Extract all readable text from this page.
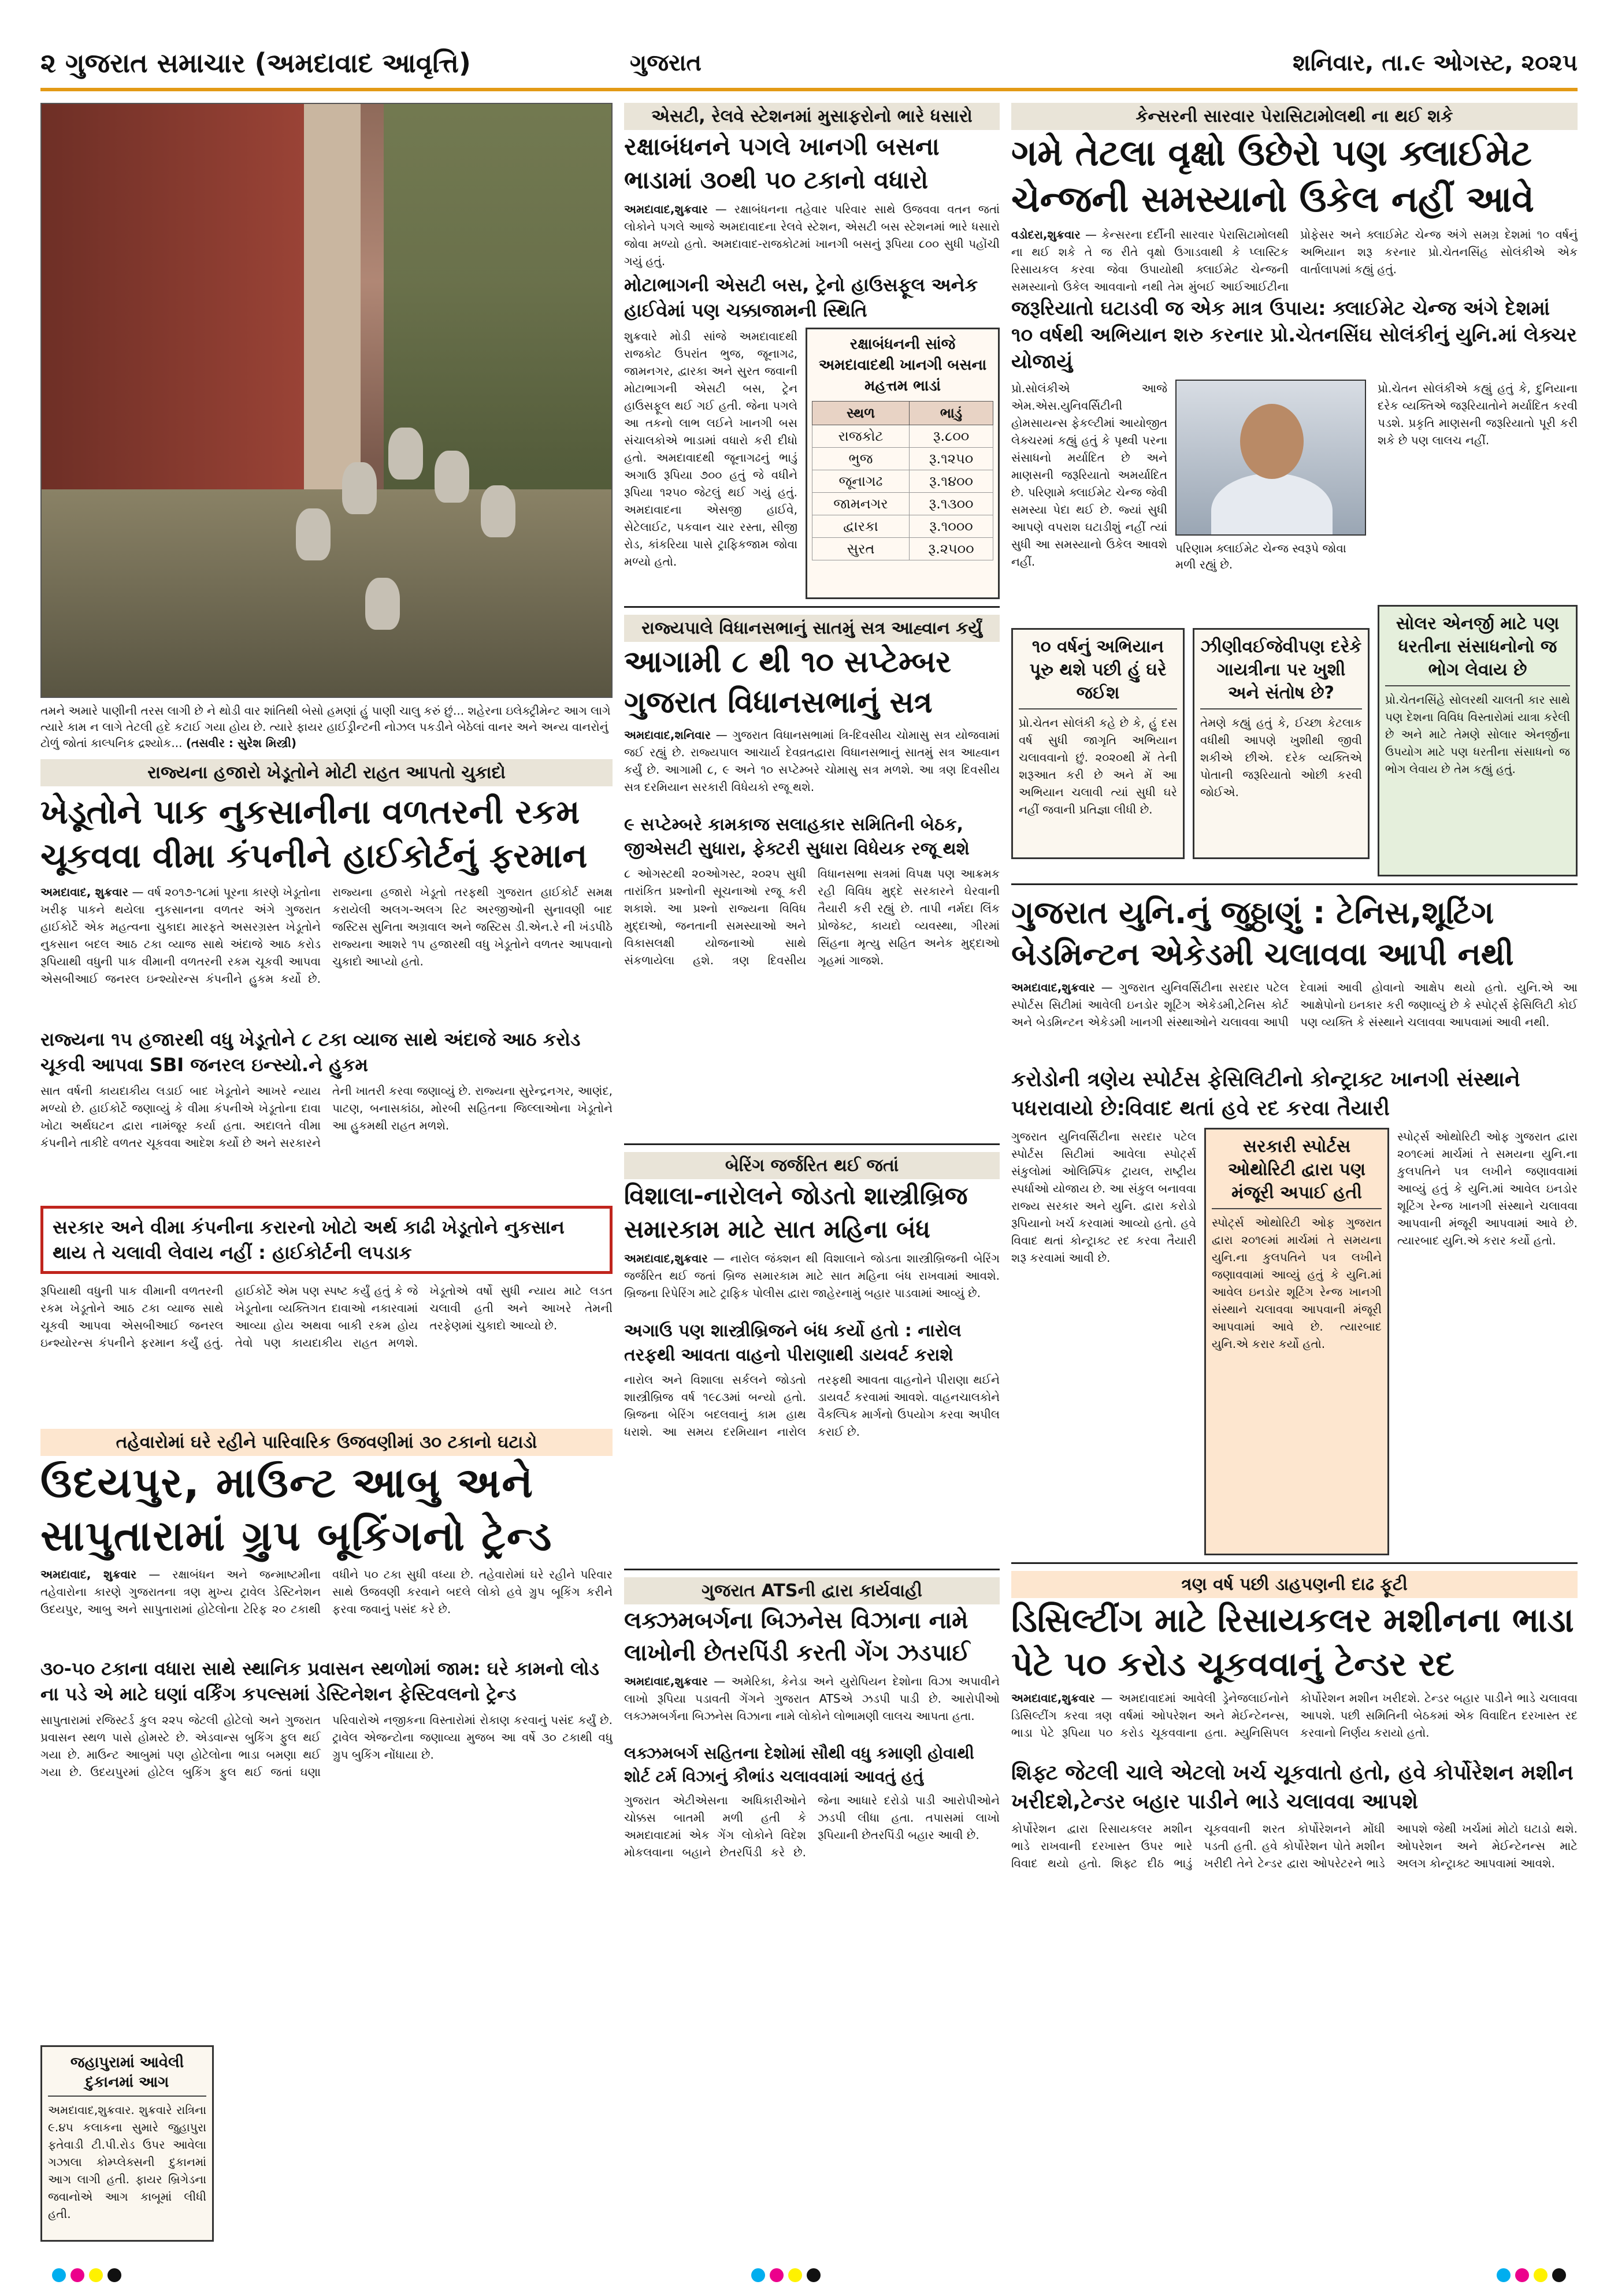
૨ ગુજરાત સમાચાર (અમદાવાદ આવૃત્તિ)	ગુજરાત	શનિવાર, તા.૯ ઓગસ્ટ, ૨૦૨૫
તમને અમારે પાણીની તરસ લાગી છે ને થોડી વાર શાંતિથી બેસો હમણાં હું પાણી ચાલુ કરું છું... શહેરના ઇલેક્ટ્રીમેન્ટ આગ લાગે ત્યારે કામ ન લાગે તેટલી હદે કટાઈ ગયા હોય છે. ત્યારે ફાયર હાઈડ્રીન્ટની નોઝલ પકડીને બેઠેલાં વાનર અને અન્ય વાનરોનું ટોળું જોતાં કાલ્પનિક દ્રશ્યોક... (તસવીર : સુરેશ મિસ્ત્રી)
રાજ્યના હજારો ખેડૂતોને મોટી રાહત આપતો ચુકાદો
ખેડૂતોને પાક નુકસાનીના વળતરની રકમ ચૂકવવા વીમા કંપનીને હાઈકોર્ટનું ફરમાન
અમદાવાદ, શુક્રવાર — વર્ષ ૨૦૧૭-૧૮માં પૂરના કારણે ખેડૂતોના ખરીફ પાકને થયેલા નુકસાનના વળતર અંગે ગુજરાત હાઈકોર્ટે એક મહત્વના ચુકાદા મારફતે અસરગ્રસ્ત ખેડૂતોને નુકસાન બદલ આઠ ટકા વ્યાજ સાથે અંદાજે આઠ કરોડ રૂપિયાથી વધુની પાક વીમાની વળતરની રકમ ચૂકવી આપવા એસબીઆઈ જનરલ ઇન્શ્યોરન્સ કંપનીને હુકમ કર્યો છે. રાજ્યના હજારો ખેડૂતો તરફથી ગુજરાત હાઈકોર્ટ સમક્ષ કરાયેલી અલગ-અલગ રિટ અરજીઓની સુનાવણી બાદ જસ્ટિસ સુનિતા અગ્રવાલ અને જસ્ટિસ ડી.એન.રે ની ખંડપીઠે રાજ્યના આશરે ૧૫ હજારથી વધુ ખેડૂતોને વળતર આપવાનો ચુકાદો આપ્યો હતો.
રાજ્યના ૧૫ હજારથી વધુ ખેડૂતોને ૮ ટકા વ્યાજ સાથે અંદાજે આઠ કરોડ ચૂકવી આપવા SBI જનરલ ઇન્સ્યો.ને હુકમ
સાત વર્ષની કાયદાકીય લડાઈ બાદ ખેડૂતોને આખરે ન્યાય મળ્યો છે. હાઈકોર્ટે જણાવ્યું કે વીમા કંપનીએ ખેડૂતોના દાવા ખોટા અર્થઘટન દ્વારા નામંજૂર કર્યા હતા. અદાલતે વીમા કંપનીને તાકીદે વળતર ચૂકવવા આદેશ કર્યો છે અને સરકારને તેની ખાતરી કરવા જણાવ્યું છે. રાજ્યના સુરેન્દ્રનગર, આણંદ, પાટણ, બનાસકાંઠા, મોરબી સહિતના જિલ્લાઓના ખેડૂતોને આ હુકમથી રાહત મળશે.
સરકાર અને વીમા કંપનીના કરારનો ખોટો અર્થ કાઢી ખેડૂતોને નુકસાન થાય તે ચલાવી લેવાય નહીં : હાઈકોર્ટની લપડાક
રૂપિયાથી વધુની પાક વીમાની વળતરની રકમ ખેડૂતોને આઠ ટકા વ્યાજ સાથે ચૂકવી આપવા એસબીઆઈ જનરલ ઇન્શ્યોરન્સ કંપનીને ફરમાન કર્યું હતું. હાઈકોર્ટે એમ પણ સ્પષ્ટ કર્યું હતું કે જે ખેડૂતોના વ્યક્તિગત દાવાઓ નકારવામાં આવ્યા હોય અથવા બાકી રકમ હોય તેવો પણ કાયદાકીય રાહત મળશે. ખેડૂતોએ વર્ષો સુધી ન્યાય માટે લડત ચલાવી હતી અને આખરે તેમની તરફેણમાં ચુકાદો આવ્યો છે.
તહેવારોમાં ઘરે રહીને પારિવારિક ઉજવણીમાં ૩૦ ટકાનો ઘટાડો
ઉદયપુર, માઉન્ટ આબુ અને સાપુતારામાં ગ્રુપ બૂકિંગનો ટ્રેન્ડ
અમદાવાદ, શુક્રવાર — રક્ષાબંધન અને જન્માષ્ટમીના તહેવારોના કારણે ગુજરાતના ત્રણ મુખ્ય ટ્રાવેલ ડેસ્ટિનેશન ઉદયપુર, આબુ અને સાપુતારામાં હોટેલોના ટેરિફ ૨૦ ટકાથી વધીને ૫૦ ટકા સુધી વધ્યા છે. તહેવારોમાં ઘરે રહીને પરિવાર સાથે ઉજવણી કરવાને બદલે લોકો હવે ગ્રુપ બૂકિંગ કરીને ફરવા જવાનું પસંદ કરે છે.
૩૦-૫૦ ટકાના વધારા સાથે સ્થાનિક પ્રવાસન સ્થળોમાં જામ: ઘરે કામનો લોડ ના પડે એ માટે ઘણાં વર્કિંગ કપલ્સમાં ડેસ્ટિનેશન ફેસ્ટિવલનો ટ્રેન્ડ
સાપુતારામાં રજિસ્ટર્ડ કુલ ૨૨૫ જેટલી હોટેલો અને ગુજરાત પ્રવાસન સ્થળ પાસે હોમસ્ટે છે. એડવાન્સ બુકિંગ ફુલ થઈ ગયા છે. માઉન્ટ આબુમાં પણ હોટેલોના ભાડા બમણા થઈ ગયા છે. ઉદયપુરમાં હોટેલ બુકિંગ ફુલ થઈ જતાં ઘણા પરિવારોએ નજીકના વિસ્તારોમાં રોકાણ કરવાનું પસંદ કર્યું છે. ટ્રાવેલ એજન્ટોના જણાવ્યા મુજબ આ વર્ષે ૩૦ ટકાથી વધુ ગ્રુપ બુકિંગ નોંધાયા છે.
એસટી, રેલવે સ્ટેશનમાં મુસાફરોનો ભારે ધસારો
રક્ષાબંધનને પગલે ખાનગી બસના ભાડામાં ૩૦થી ૫૦ ટકાનો વધારો
અમદાવાદ,શુક્રવાર — રક્ષાબંધનના તહેવાર પરિવાર સાથે ઉજવવા વતન જતાં લોકોને પગલે આજે અમદાવાદના રેલવે સ્ટેશન, એસટી બસ સ્ટેશનમાં ભારે ધસારો જોવા મળ્યો હતો. અમદાવાદ-રાજકોટમાં ખાનગી બસનું રૂપિયા ૮૦૦ સુધી પહોંચી ગયું હતું.
મોટાભાગની એસટી બસ, ટ્રેનો હાઉસફૂલ અનેક હાઈવેમાં પણ ચક્કાજામની સ્થિતિ
શુક્રવારે મોડી સાંજે અમદાવાદથી રાજકોટ ઉપરાંત ભુજ, જૂનાગઢ, જામનગર, દ્વારકા અને સુરત જવાની મોટાભાગની એસટી બસ, ટ્રેન હાઉસફૂલ થઈ ગઈ હતી. જેના પગલે આ તકનો લાભ લઈને ખાનગી બસ સંચાલકોએ ભાડામાં વધારો કરી દીધો હતો. અમદાવાદથી જૂનાગઢનું ભાડું અગાઉ રૂપિયા ૭૦૦ હતું જે વધીને રૂપિયા ૧૨૫૦ જેટલું થઈ ગયું હતું. અમદાવાદના એસજી હાઈવે, સેટેલાઈટ, પકવાન ચાર રસ્તા, સીજી રોડ, કાંકરિયા પાસે ટ્રાફિકજામ જોવા મળ્યો હતો.
રક્ષાબંધનની સાંજે અમદાવાદથી ખાનગી બસના મહત્તમ ભાડાં
સ્થળ	ભાડું
રાજકોટ	રૂ.૮૦૦
ભુજ	રૂ.૧૨૫૦
જૂનાગઢ	રૂ.૧૪૦૦
જામનગર	રૂ.૧૩૦૦
દ્વારકા	રૂ.૧૦૦૦
સુરત	રૂ.૨૫૦૦
રાજ્યપાલે વિધાનસભાનું સાતમું સત્ર આહ્વાન કર્યું
આગામી ૮ થી ૧૦ સપ્ટેમ્બર ગુજરાત વિધાનસભાનું સત્ર
અમદાવાદ,શનિવાર — ગુજરાત વિધાનસભામાં ત્રિ-દિવસીય ચોમાસુ સત્ર યોજવામાં જઈ રહ્યું છે. રાજ્યપાલ આચાર્ય દેવવ્રતદ્વારા વિધાનસભાનું સાતમું સત્ર આહ્વાન કર્યું છે. આગામી ૮, ૯ અને ૧૦ સપ્ટેમ્બરે ચોમાસુ સત્ર મળશે. આ ત્રણ દિવસીય સત્ર દરમિયાન સરકારી વિધેયકો રજૂ થશે.
૯ સપ્ટેમ્બરે કામકાજ સલાહકાર સમિતિની બેઠક, જીએસટી સુધારા, ફેક્ટરી સુધારા વિધેયક રજૂ થશે
૮ ઓગસ્ટથી ૨૦ઓગસ્ટ, ૨૦૨૫ સુધી તારાંકિત પ્રશ્નોની સૂચનાઓ રજૂ કરી શકાશે. આ પ્રશ્નો રાજ્યના વિવિધ મુદ્દાઓ, જનતાની સમસ્યાઓ અને વિકાસલક્ષી યોજનાઓ સાથે સંકળાયેલા હશે. ત્રણ દિવસીય વિધાનસભા સત્રમાં વિપક્ષ પણ આક્રમક રહી વિવિધ મુદ્દે સરકારને ઘેરવાની તૈયારી કરી રહ્યું છે. તાપી નર્મદા લિંક પ્રોજેક્ટ, કાયદો વ્યવસ્થા, ગીરમાં સિંહના મૃત્યુ સહિત અનેક મુદ્દાઓ ગૃહમાં ગાજશે.
બેરિંગ જર્જરિત થઈ જતાં
વિશાલા-નારોલને જોડતો શાસ્ત્રીબ્રિજ સમારકામ માટે સાત મહિના બંધ
અમદાવાદ,શુક્રવાર — નારોલ જંક્શન થી વિશાલાને જોડતા શાસ્ત્રીબ્રિજની બેરિંગ જર્જરિત થઈ જતાં બ્રિજ સમારકામ માટે સાત મહિના બંધ રાખવામાં આવશે. બ્રિજના રિપેરિંગ માટે ટ્રાફિક પોલીસ દ્વારા જાહેરનામું બહાર પાડવામાં આવ્યું છે.
અગાઉ પણ શાસ્ત્રીબ્રિજને બંધ કર્યો હતો : નારોલ તરફથી આવતા વાહનો પીરાણાથી ડાયવર્ટ કરાશે
નારોલ અને વિશાલા સર્કલને જોડતો શાસ્ત્રીબ્રિજ વર્ષ ૧૯૮૩માં બન્યો હતો. બ્રિજના બેરિંગ બદલવાનું કામ હાથ ધરાશે. આ સમય દરમિયાન નારોલ તરફથી આવતા વાહનોને પીરાણા થઈને ડાયવર્ટ કરવામાં આવશે. વાહનચાલકોને વૈકલ્પિક માર્ગનો ઉપયોગ કરવા અપીલ કરાઈ છે.
ગુજરાત ATSની દ્વારા કાર્યવાહી
લક્ઝમબર્ગના બિઝનેસ વિઝાના નામે લાખોની છેતરપિંડી કરતી ગેંગ ઝડપાઈ
અમદાવાદ,શુક્રવાર — અમેરિકા, કેનેડા અને યુરોપિયન દેશોના વિઝા અપાવીને લાખો રૂપિયા પડાવતી ગેંગને ગુજરાત ATSએ ઝડપી પાડી છે. આરોપીઓ લક્ઝમબર્ગના બિઝનેસ વિઝાના નામે લોકોને લોભામણી લાલચ આપતા હતા.
લક્ઝમબર્ગ સહિતના દેશોમાં સૌથી વધુ કમાણી હોવાથી શોર્ટ ટર્મ વિઝાનું કૌભાંડ ચલાવવામાં આવતું હતું
ગુજરાત એટીએસના અધિકારીઓને ચોક્કસ બાતમી મળી હતી કે અમદાવાદમાં એક ગેંગ લોકોને વિદેશ મોકલવાના બહાને છેતરપિંડી કરે છે. જેના આધારે દરોડો પાડી આરોપીઓને ઝડપી લીધા હતા. તપાસમાં લાખો રૂપિયાની છેતરપિંડી બહાર આવી છે.
કેન્સરની સારવાર પેરાસિટામોલથી ના થઈ શકે
ગમે તેટલા વૃક્ષો ઉછેરો પણ ક્લાઈમેટ ચેન્જની સમસ્યાનો ઉકેલ નહીં આવે
વડોદરા,શુક્રવાર — કેન્સરના દર્દીની સારવાર પેરાસિટામોલથી ના થઈ શકે તે જ રીતે વૃક્ષો ઉગાડવાથી કે પ્લાસ્ટિક રિસાયકલ કરવા જેવા ઉપાયોથી ક્લાઈમેટ ચેન્જની સમસ્યાનો ઉકેલ આવવાનો નથી તેમ મુંબઈ આઈઆઈટીના પ્રોફેસર અને ક્લાઈમેટ ચેન્જ અંગે સમગ્ર દેશમાં ૧૦ વર્ષનું અભિયાન શરૂ કરનાર પ્રો.ચેતનસિંહ સોલંકીએ એક વાર્તાલાપમાં કહ્યું હતું.
જરૂરિયાતો ઘટાડવી જ એક માત્ર ઉપાય: ક્લાઈમેટ ચેન્જ અંગે દેશમાં ૧૦ વર્ષથી અભિયાન શરુ કરનાર પ્રો.ચેતનસિંઘ સોલંકીનું યુનિ.માં લેક્ચર યોજાયું
પ્રો.સોલંકીએ આજે એમ.એસ.યુનિવર્સિટીની હોમસાયન્સ ફેકલ્ટીમાં આયોજીત લેક્ચરમાં કહ્યું હતું કે પૃથ્વી પરના સંસાધનો મર્યાદિત છે અને માણસની જરૂરિયાતો અમર્યાદિત છે. પરિણામે ક્લાઈમેટ ચેન્જ જેવી સમસ્યા પેદા થઈ છે. જ્યાં સુધી આપણે વપરાશ ઘટાડીશું નહીં ત્યાં સુધી આ સમસ્યાનો ઉકેલ આવશે નહીં.
પરિણામ ક્લાઈમેટ ચેન્જ સ્વરૂપે જોવા મળી રહ્યું છે.
૧૦ વર્ષનું અભિયાન પૂરુ થશે પછી હું ઘરે જઈશ
પ્રો.ચેતન સોલંકી કહે છે કે, હું દસ વર્ષ સુધી જાગૃતિ અભિયાન ચલાવવાનો છું. ૨૦૨૦થી મેં તેની શરૂઆત કરી છે અને મેં આ અભિયાન ચલાવી ત્યાં સુધી ઘરે નહીં જવાની પ્રતિજ્ઞા લીધી છે.
ઝીણીવઈજેવીપણ દરેકે ગાયત્રીના પર ખુશી અને સંતોષ છે?
તેમણે કહ્યું હતું કે, ઈચ્છા કેટલાક વધીથી આપણે ખુશીથી જીવી શકીએ છીએ. દરેક વ્યક્તિએ પોતાની જરૂરિયાતો ઓછી કરવી જોઈએ.
પ્રો.ચેતન સોલંકીએ કહ્યું હતું કે, દુનિયાના દરેક વ્યક્તિએ જરૂરિયાતોને મર્યાદિત કરવી પડશે. પ્રકૃતિ માણસની જરૂરિયાતો પૂરી કરી શકે છે પણ લાલચ નહીં.
સોલર એનર્જી માટે પણ ધરતીના સંસાધનોનો જ ભોગ લેવાય છે
પ્રો.ચેતનસિંહે સોલરથી ચાલતી કાર સાથે પણ દેશના વિવિધ વિસ્તારોમાં યાત્રા કરેલી છે અને માટે તેમણે સોલાર એનર્જીના ઉપયોગ માટે પણ ધરતીના સંસાધનો જ ભોગ લેવાય છે તેમ કહ્યું હતું.
ગુજરાત યુનિ.નું જુઠ્ઠાણું : ટેનિસ,શૂટિંગ બેડમિન્ટન એકેડમી ચલાવવા આપી નથી
અમદાવાદ,શુક્રવાર — ગુજરાત યુનિવર્સિટીના સરદાર પટેલ સ્પોર્ટસ સિટીમાં આવેલી ઇનડોર શૂટિંગ એકેડમી,ટેનિસ કોર્ટ અને બેડમિન્ટન એકેડમી ખાનગી સંસ્થાઓને ચલાવવા આપી દેવામાં આવી હોવાનો આક્ષેપ થયો હતો. યુનિ.એ આ આક્ષેપોનો ઇનકાર કરી જણાવ્યું છે કે સ્પોર્ટ્સ ફેસિલિટી કોઈ પણ વ્યક્તિ કે સંસ્થાને ચલાવવા આપવામાં આવી નથી.
કરોડોની ત્રણેય સ્પોર્ટસ ફેસિલિટીનો કોન્ટ્રાક્ટ ખાનગી સંસ્થાને પધરાવાયો છે:વિવાદ થતાં હવે રદ કરવા તૈયારી
ગુજરાત યુનિવર્સિટીના સરદાર પટેલ સ્પોર્ટસ સિટીમાં આવેલા સ્પોર્ટ્સ સંકુલોમાં ઓલિમ્પિક ટ્રાયલ, રાષ્ટ્રીય સ્પર્ધાઓ યોજાય છે. આ સંકુલ બનાવવા રાજ્ય સરકાર અને યુનિ. દ્વારા કરોડો રૂપિયાનો ખર્ચ કરવામાં આવ્યો હતો. હવે વિવાદ થતાં કોન્ટ્રાક્ટ રદ કરવા તૈયારી શરૂ કરવામાં આવી છે.
સરકારી સ્પોર્ટસ ઓથોરિટી દ્વારા પણ મંજૂરી અપાઈ હતી
સ્પોર્ટ્સ ઓથોરિટી ઓફ ગુજરાત દ્વારા ૨૦૧૯માં માર્ચમાં તે સમયના યુનિ.ના કુલપતિને પત્ર લખીને જણાવવામાં આવ્યું હતું કે યુનિ.માં આવેલ ઇનડોર શૂટિંગ રેન્જ ખાનગી સંસ્થાને ચલાવવા આપવાની મંજૂરી આપવામાં આવે છે. ત્યારબાદ યુનિ.એ કરાર કર્યો હતો.
સ્પોર્ટ્સ ઓથોરિટી ઓફ ગુજરાત દ્વારા ૨૦૧૯માં માર્ચમાં તે સમયના યુનિ.ના કુલપતિને પત્ર લખીને જણાવવામાં આવ્યું હતું કે યુનિ.માં આવેલ ઇનડોર શૂટિંગ રેન્જ ખાનગી સંસ્થાને ચલાવવા આપવાની મંજૂરી આપવામાં આવે છે. ત્યારબાદ યુનિ.એ કરાર કર્યો હતો.
ત્રણ વર્ષ પછી ડાહપણની દાઢ ફૂટી
ડિસિલ્ટીંગ માટે રિસાયકલર મશીનના ભાડા પેટે ૫૦ કરોડ ચૂકવવાનું ટેન્ડર રદ
અમદાવાદ,શુક્રવાર — અમદાવાદમાં આવેલી ડ્રેનેજલાઈનોને ડિસિલ્ટીંગ કરવા ત્રણ વર્ષમાં ઓપરેશન અને મેઈન્ટેનન્સ, ભાડા પેટે રૂપિયા ૫૦ કરોડ ચૂકવવાના હતા. મ્યુનિસિપલ કોર્પોરેશન મશીન ખરીદશે. ટેન્ડર બહાર પાડીને ભાડે ચલાવવા આપશે. પછી સમિતિની બેઠકમાં એક વિવાદિત દરખાસ્ત રદ કરવાનો નિર્ણય કરાયો હતો.
શિફ્ટ જેટલી ચાલે એટલો ખર્ચ ચૂકવાતો હતો, હવે કોર્પોરેશન મશીન ખરીદશે,ટેન્ડર બહાર પાડીને ભાડે ચલાવવા આપશે
કોર્પોરેશન દ્વારા રિસાયકલર મશીન ભાડે રાખવાની દરખાસ્ત ઉપર ભારે વિવાદ થયો હતો. શિફ્ટ દીઠ ભાડું ચૂકવવાની શરત કોર્પોરેશનને મોંઘી પડતી હતી. હવે કોર્પોરેશન પોતે મશીન ખરીદી તેને ટેન્ડર દ્વારા ઓપરેટરને ભાડે આપશે જેથી ખર્ચમાં મોટો ઘટાડો થશે. ઓપરેશન અને મેઈન્ટેનન્સ માટે અલગ કોન્ટ્રાક્ટ આપવામાં આવશે.
જહાપુરામાં આવેલી દુકાનમાં આગ
અમદાવાદ,શુક્રવાર. શુક્રવારે રાત્રિના ૯.૪૫ કલાકના સુમારે જુહાપુરા ફતેવાડી ટી.પી.રોડ ઉપર આવેલા ગઝાલા કોમ્પ્લેક્સની દુકાનમાં આગ લાગી હતી. ફાયર બ્રિગેડના જવાનોએ આગ કાબૂમાં લીધી હતી.
